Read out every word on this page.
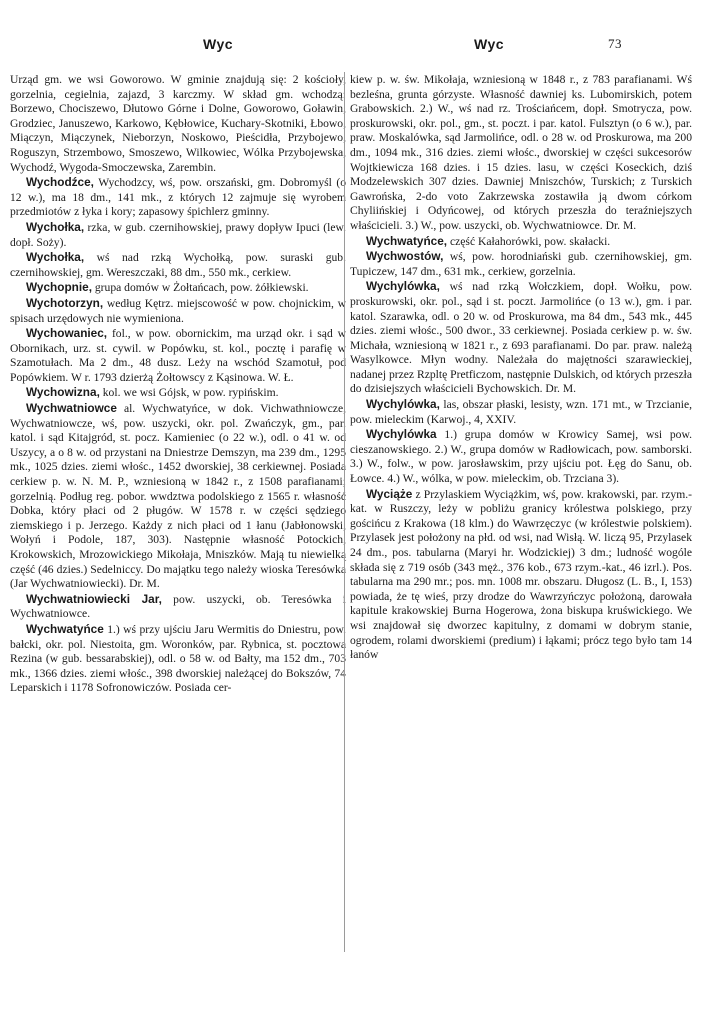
Wyc	Wyc	73

Urząd gm. we wsi Goworowo. W gminie znajdują się: 2 kościoły, gorzelnia, cegielnia, zajazd, 3 karczmy. W skład gm. wchodzą: Borzewo, Chociszewo, Dłutowo Górne i Dolne, Goworowo, Goławin, Grodziec, Januszewo, Karkowo, Kębłowice, Kuchary-Skotniki, Łbowo, Miączyn, Miączynek, Nieborzyn, Noskowo, Pieścidła, Przybojewo, Roguszyn, Strzembowo, Smoszewo, Wilkowiec, Wólka Przybojewska, Wychodź, Wygoda-Smoczewska, Zarembin.

Wychodźce, Wychodzcy, wś, pow. orszański, gm. Dobromyśl (o 12 w.), ma 18 dm., 141 mk., z których 12 zajmuje się wyrobem przedmiotów z łyka i kory; zapasowy śpichlerz gminny.

Wychołka, rzka, w gub. czernihowskiej, prawy dopływ Ipuci (lew. dopł. Soży).

Wychołka, wś nad rzką Wychołką, pow. suraski gub. czernihowskiej, gm. Wereszczaki, 88 dm., 550 mk., cerkiew.

Wychopnie, grupa domów w Żołtańcach, pow. żółkiewski.

Wychotorzyn, według Kętrz. miejscowość w pow. chojnickim, w spisach urzędowych nie wymieniona.

Wychowaniec, fol., w pow. obornickim, ma urząd okr. i sąd w Obornikach, urz. st. cywil. w Popówku, st. kol., pocztę i parafię w Szamotułach. Ma 2 dm., 48 dusz. Leży na wschód Szamotuł, pod Popówkiem. W r. 1793 dzierżą Żołtowscy z Kąsinowa. W. Ł.

Wychowizna, kol. we wsi Gójsk, w pow. rypińskim.

Wychwatniowce al. Wychwatyńce, w dok. Vichwathniowcze, Wychwatniowcze, wś, pow. uszycki, okr. pol. Zwańczyk, gm., par. katol. i sąd Kitajgród, st. pocz. Kamieniec (o 22 w.), odl. o 41 w. od Uszycy, a o 8 w. od przystani na Dniestrze Demszyn, ma 239 dm., 1295 mk., 1025 dzies. ziemi włośc., 1452 dworskiej, 38 cerkiewnej. Posiada cerkiew p. w. N. M. P., wzniesioną w 1842 r., z 1508 parafianami; gorzelnią. Podług reg. pobor. wwdztwa podolskiego z 1565 r. własność Dobka, który płaci od 2 pługów. W 1578 r. w części sędziego ziemskiego i p. Jerzego. Każdy z nich płaci od 1 łanu (Jabłonowski, Wołyń i Podole, 187, 303). Następnie własność Potockich, Krokowskich, Mrozowickiego Mikołaja, Mniszków. Mają tu niewielką część (46 dzies.) Sedelniccy. Do majątku tego należy wioska Teresówka (Jar Wychwatniowiecki). Dr. M.

Wychwatniowiecki Jar, pow. uszycki, ob. Teresówka i Wychwatniowce.

Wychwatyńce 1.) wś przy ujściu Jaru Wermitis do Dniestru, pow. bałcki, okr. pol. Niestoita, gm. Woronków, par. Rybnica, st. pocztowa Rezina (w gub. bessarabskiej), odl. o 58 w. od Bałty, ma 152 dm., 703 mk., 1366 dzies. ziemi włośc., 398 dworskiej należącej do Bokszów, 74 Leparskich i 1178 Sofronowiczów. Posiada cer-

kiew p. w. św. Mikołaja, wzniesioną w 1848 r., z 783 parafianami. Wś bezleśna, grunta górzyste. Własność dawniej ks. Lubomirskich, potem Grabowskich. 2.) W., wś nad rz. Trościańcem, dopł. Smotrycza, pow. proskurowski, okr. pol., gm., st. poczt. i par. katol. Fulsztyn (o 6 w.), par. praw. Moskalówka, sąd Jarmolińce, odl. o 28 w. od Proskurowa, ma 200 dm., 1094 mk., 316 dzies. ziemi włośc., dworskiej w części sukcesorów Wojtkiewicza 168 dzies. i 15 dzies. lasu, w części Koseckich, dziś Modzelewskich 307 dzies. Dawniej Mniszchów, Turskich; z Turskich Gawrońska, 2-do voto Zakrzewska zostawiła ją dwom córkom Chyliińskiej i Odyńcowej, od których przeszła do teraźniejszych właścicieli. 3.) W., pow. uszycki, ob. Wychwatniowce. Dr. M.

Wychwatyńce, część Kałahorówki, pow. skałacki.

Wychwostów, wś, pow. horodniański gub. czernihowskiej, gm. Tupiczew, 147 dm., 631 mk., cerkiew, gorzelnia.

Wychylówka, wś nad rzką Wołczkiem, dopł. Wołku, pow. proskurowski, okr. pol., sąd i st. poczt. Jarmolińce (o 13 w.), gm. i par. katol. Szarawka, odl. o 20 w. od Proskurowa, ma 84 dm., 543 mk., 445 dzies. ziemi włośc., 500 dwor., 33 cerkiewnej. Posiada cerkiew p. w. św. Michała, wzniesioną w 1821 r., z 693 parafianami. Do par. praw. należą Wasylkowce. Młyn wodny. Należała do majętności szarawieckiej, nadanej przez Rzpltę Pretficzom, następnie Dulskich, od których przeszła do dzisiejszych właścicieli Bychowskich. Dr. M.

Wychylówka, las, obszar płaski, lesisty, wzn. 171 mt., w Trzcianie, pow. mieleckim (Karwoj., 4, XXIV.

Wychylówka 1.) grupa domów w Krowicy Samej, wsi pow. cieszanowskiego. 2.) W., grupa domów w Radłowicach, pow. samborski. 3.) W., folw., w pow. jarosławskim, przy ujściu pot. Łęg do Sanu, ob. Łowce. 4.) W., wólka, w pow. mieleckim, ob. Trzciana 3).

Wyciąże z Przylaskiem Wyciążkim, wś, pow. krakowski, par. rzym.-kat. w Ruszczy, leży w pobliżu granicy królestwa polskiego, przy gościńcu z Krakowa (18 klm.) do Wawrzęczyc (w królestwie polskiem). Przylasek jest położony na płd. od wsi, nad Wisłą. W. liczą 95, Przylasek 24 dm., pos. tabularna (Maryi hr. Wodzickiej) 3 dm.; ludność wogóle składa się z 719 osób (343 męż., 376 kob., 673 rzym.-kat., 46 izrl.). Pos. tabularna ma 290 mr.; pos. mn. 1008 mr. obszaru. Długosz (L. B., I, 153) powiada, że tę wieś, przy drodze do Wawrzyńczyc położoną, darowała kapitule krakowskiej Burna Hogerowa, żona biskupa kruświckiego. We wsi znajdował się dworzec kapitulny, z domami w dobrym stanie, ogrodem, rolami dworskiemi (predium) i łąkami; prócz tego było tam 14 łanów
